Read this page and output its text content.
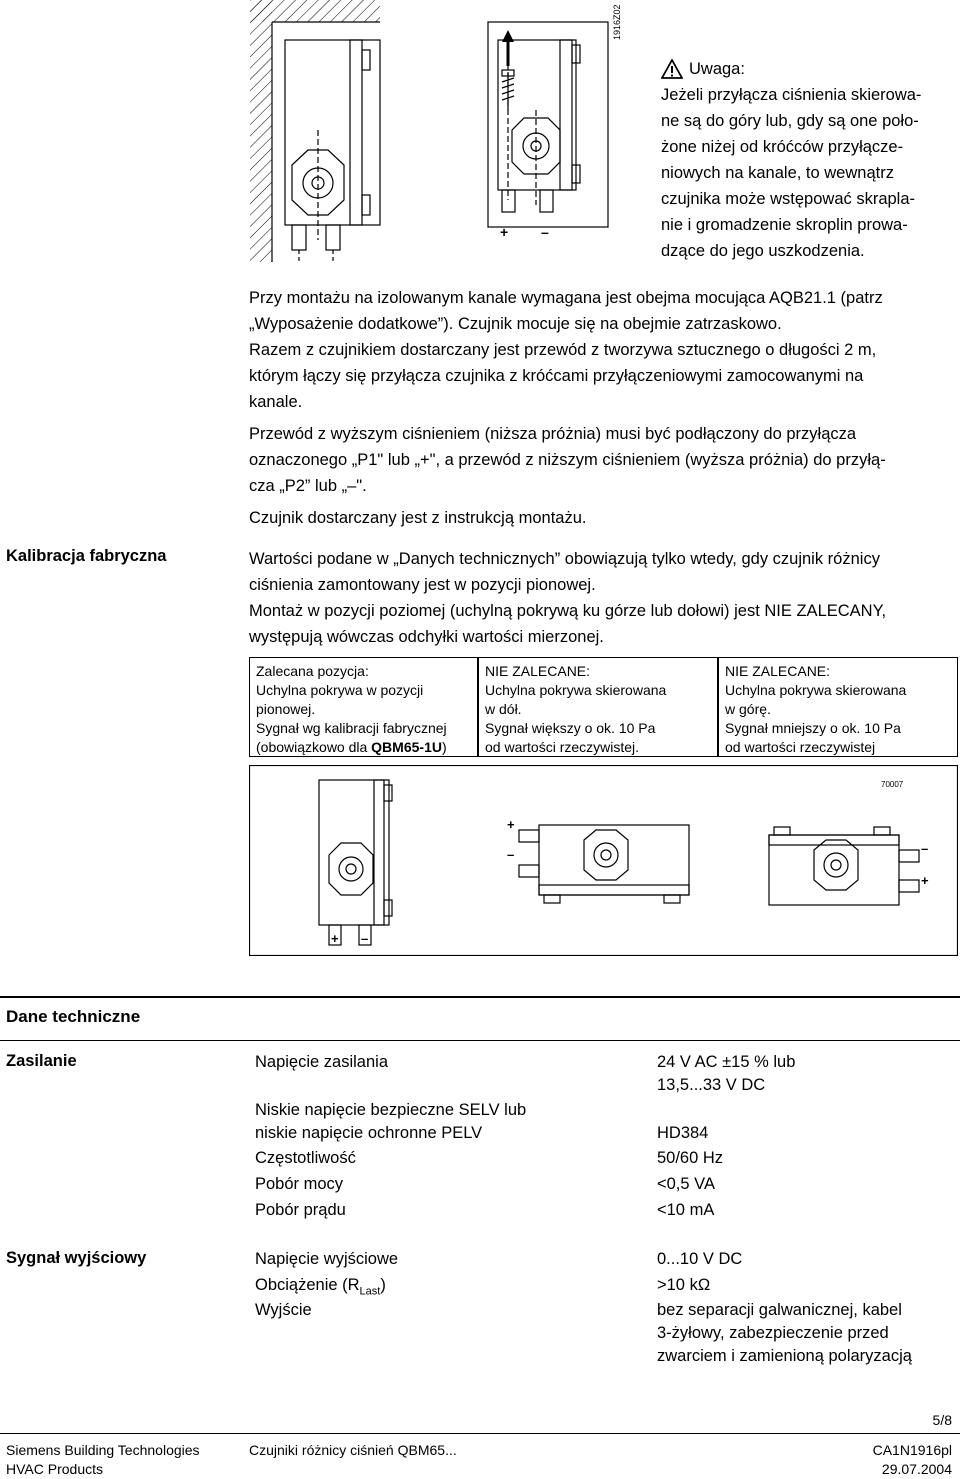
+ –
1916Z02
Uwaga:
Jeżeli przyłącza ciśnienia skierowa-
ne są do góry lub, gdy są one poło-
żone niżej od króćców przyłącze-
niowych na kanale, to wewnątrz
czujnika może wstępować skrapla-
nie i gromadzenie skroplin prowa-
dzące do jego uszkodzenia.
Przy montażu na izolowanym kanale wymagana jest obejma mocująca AQB21.1 (patrz
„Wyposażenie dodatkowe”). Czujnik mocuje się na obejmie zatrzaskowo.
Razem z czujnikiem dostarczany jest przewód z tworzywa sztucznego o długości 2 m,
którym łączy się przyłącza czujnika z króćcami przyłączeniowymi zamocowanymi na
kanale.
Przewód z wyższym ciśnieniem (niższa próżnia) musi być podłączony do przyłącza
oznaczonego „P1" lub „+", a przewód z niższym ciśnieniem (wyższa próżnia) do przyłą-
cza „P2” lub „–".
Czujnik dostarczany jest z instrukcją montażu.
Kalibracja fabryczna	Wartości podane w „Danych technicznych” obowiązują tylko wtedy, gdy czujnik różnicy
ciśnienia zamontowany jest w pozycji pionowej.
Montaż w pozycji poziomej (uchylną pokrywą ku górze lub dołowi) jest NIE ZALECANY,
występują wówczas odchyłki wartości mierzonej.
Zalecana pozycja:
Uchylna pokrywa w pozycji
pionowej.
Sygnał wg kalibracji fabrycznej
(obowiązkowo dla QBM65-1U)
NIE ZALECANE:
Uchylna pokrywa skierowana
w dół.
Sygnał większy o ok. 10 Pa
od wartości rzeczywistej.
NIE ZALECANE:
Uchylna pokrywa skierowana
w górę.
Sygnał mniejszy o ok. 10 Pa
od wartości rzeczywistej
+ –
+
–	–
+
70007
Dane techniczne
Zasilanie	Napięcie zasilania	24 V AC ±15 % lub
13,5...33 V DC
Niskie napięcie bezpieczne SELV lub
niskie napięcie ochronne PELV	HD384
Częstotliwość	50/60 Hz
Pobór mocy	<0,5 VA
Pobór prądu	<10 mA
Sygnał wyjściowy	Napięcie wyjściowe	0...10 V DC
Obciążenie $(R_{Last})$	>10 kΩ
Wyjście	bez separacji galwanicznej, kabel
3-żyłowy, zabezpieczenie przed
zwarciem i zamienioną polaryzacją
5/8
Siemens Building Technologies
HVAC Products
Czujniki różnicy ciśnień QBM65...	CA1N1916pl
29.07.2004
